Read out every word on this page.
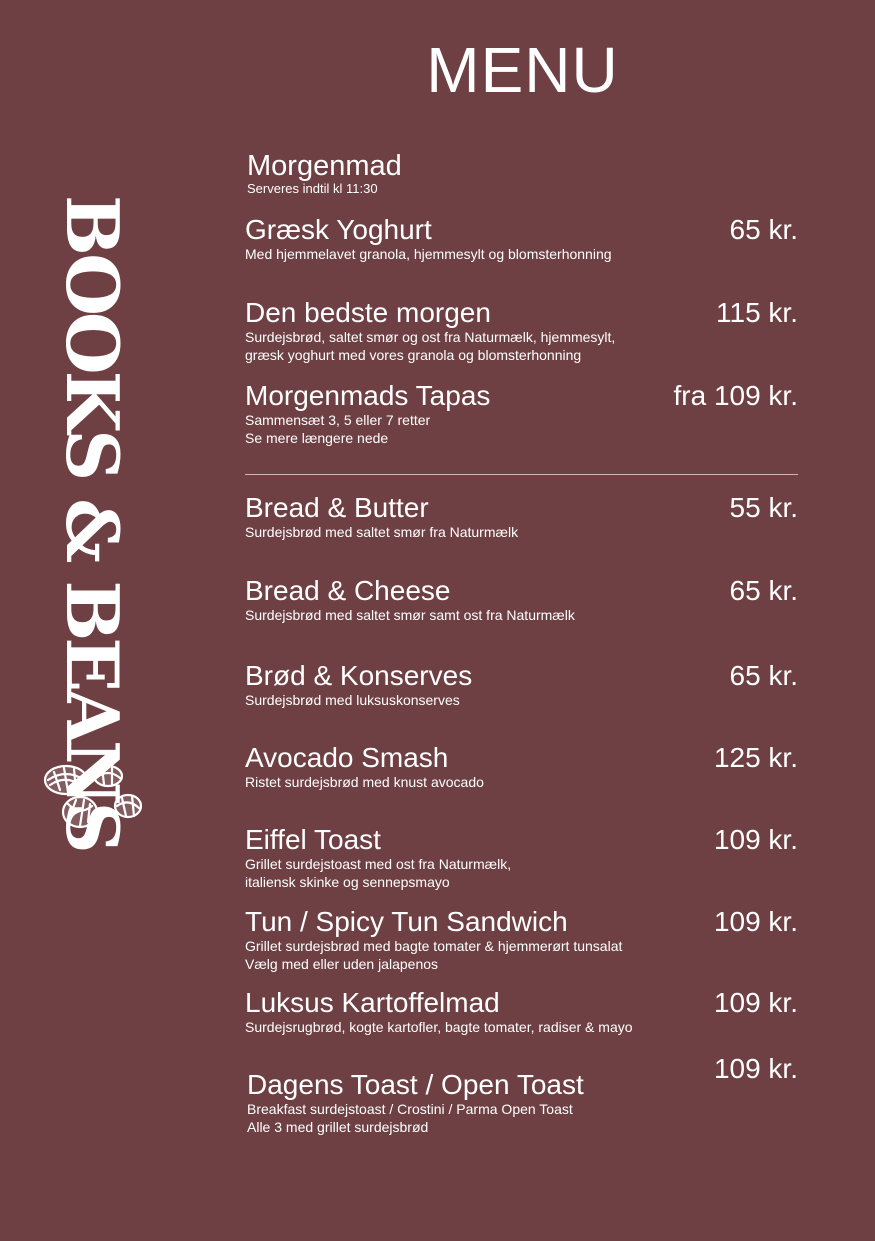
MENU
BOOKS & BEANS
Morgenmad
Serveres indtil kl 11:30
Græsk Yoghurt	65 kr.
Med hjemmelavet granola, hjemmesylt og blomsterhonning
Den bedste morgen	115 kr.
Surdejsbrød, saltet smør og ost fra Naturmælk, hjemmesylt,
græsk yoghurt med vores granola og blomsterhonning
Morgenmads Tapas	fra 109 kr.
Sammensæt 3, 5 eller 7 retter
Se mere længere nede
Bread & Butter	55 kr.
Surdejsbrød med saltet smør fra Naturmælk
Bread & Cheese	65 kr.
Surdejsbrød med saltet smør samt ost fra Naturmælk
Brød & Konserves	65 kr.
Surdejsbrød med luksuskonserves
Avocado Smash	125 kr.
Ristet surdejsbrød med knust avocado
Eiffel Toast	109 kr.
Grillet surdejstoast med ost fra Naturmælk,
italiensk skinke og sennepsmayo
Tun / Spicy Tun Sandwich	109 kr.
Grillet surdejsbrød med bagte tomater & hjemmerørt tunsalat
Vælg med eller uden jalapenos
Luksus Kartoffelmad	109 kr.
Surdejsrugbrød, kogte kartofler, bagte tomater, radiser & mayo
109 kr.
Dagens Toast / Open Toast
Breakfast surdejstoast / Crostini / Parma Open Toast
Alle 3 med grillet surdejsbrød
